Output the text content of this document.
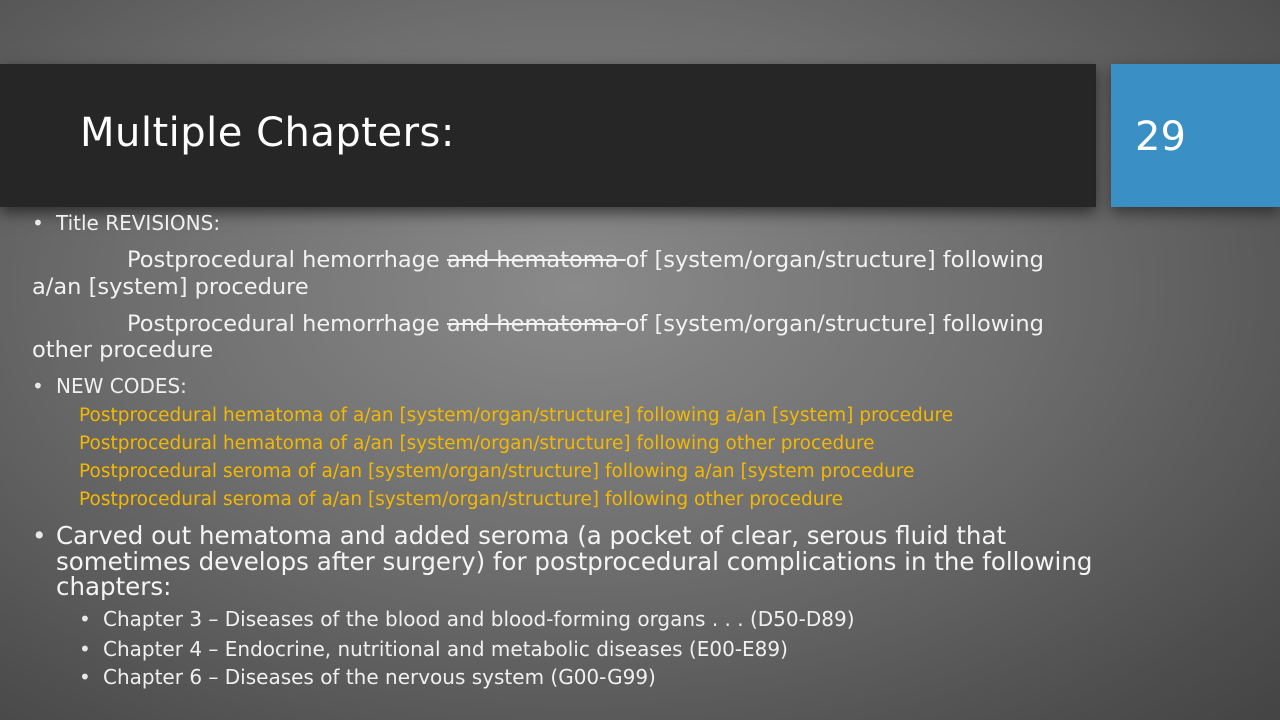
Multiple Chapters:	29
• Title REVISIONS:
Postprocedural hemorrhage and hematoma of [system/organ/structure] following
a/an [system] procedure
Postprocedural hemorrhage and hematoma of [system/organ/structure] following
other procedure
• NEW CODES:
Postprocedural hematoma of a/an [system/organ/structure] following a/an [system] procedure
Postprocedural hematoma of a/an [system/organ/structure] following other procedure
Postprocedural seroma of a/an [system/organ/structure] following a/an [system procedure
Postprocedural seroma of a/an [system/organ/structure] following other procedure
• Carved out hematoma and added seroma (a pocket of clear, serous fluid that
sometimes develops after surgery) for postprocedural complications in the following
chapters:
• Chapter 3 – Diseases of the blood and blood-forming organs . . . (D50-D89)
• Chapter 4 – Endocrine, nutritional and metabolic diseases (E00-E89)
• Chapter 6 – Diseases of the nervous system (G00-G99)
